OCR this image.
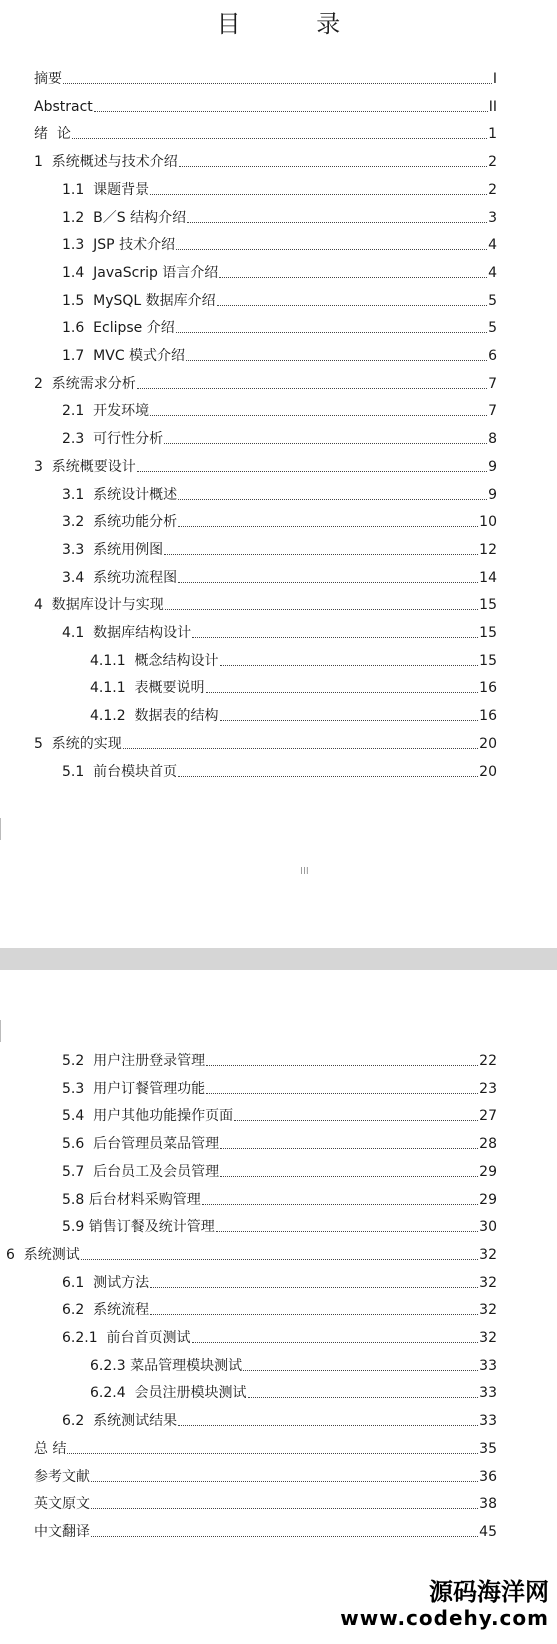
目 录
摘要	I
Abstract	II
绪  论	1
1  系统概述与技术介绍	2
1.1  课题背景	2
1.2  B／S 结构介绍	3
1.3  JSP 技术介绍	4
1.4  JavaScrip 语言介绍	4
1.5  MySQL 数据库介绍	5
1.6  Eclipse 介绍	5
1.7  MVC 模式介绍	6
2  系统需求分析	7
2.1  开发环境	7
2.3  可行性分析	8
3  系统概要设计	9
3.1  系统设计概述	9
3.2  系统功能分析	10
3.3  系统用例图	12
3.4  系统功流程图	14
4  数据库设计与实现	15
4.1  数据库结构设计	15
4.1.1  概念结构设计	15
4.1.1  表概要说明	16
4.1.2  数据表的结构	16
5  系统的实现	20
5.1  前台模块首页	20
III
5.2  用户注册登录管理	22
5.3  用户订餐管理功能	23
5.4  用户其他功能操作页面	27
5.6  后台管理员菜品管理	28
5.7  后台员工及会员管理	29
5.8 后台材料采购管理	29
5.9 销售订餐及统计管理	30
6  系统测试	32
6.1  测试方法	32
6.2  系统流程	32
6.2.1  前台首页测试	32
6.2.3 菜品管理模块测试	33
6.2.4  会员注册模块测试	33
6.2  系统测试结果	33
总 结	35
参考文献	36
英文原文	38
中文翻译	45
源码海洋网
www.codehy.com
